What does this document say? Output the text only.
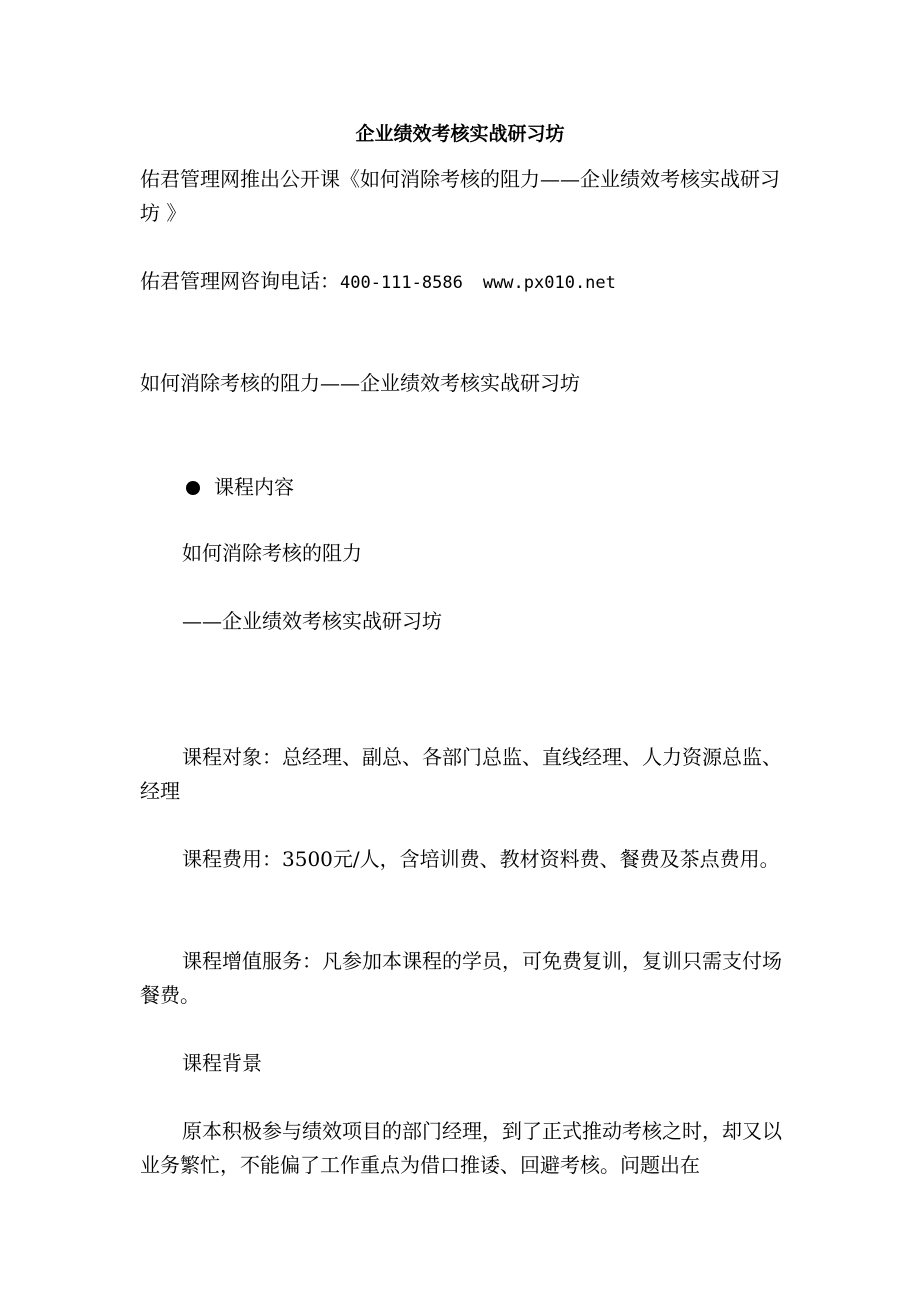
企业绩效考核实战研习坊

佑君管理网推出公开课《如何消除考核的阻力——企业绩效考核实战研习坊 》

佑君管理网咨询电话：400-111-8586 www.px010.net

如何消除考核的阻力——企业绩效考核实战研习坊

课程内容

如何消除考核的阻力

——企业绩效考核实战研习坊

课程对象：总经理、副总、各部门总监、直线经理、人力资源总监、经理

课程费用：3500元/人，含培训费、教材资料费、餐费及茶点费用。

课程增值服务：凡参加本课程的学员，可免费复训，复训只需支付场餐费。

课程背景

原本积极参与绩效项目的部门经理，到了正式推动考核之时，却又以业务繁忙，不能偏了工作重点为借口推诿、回避考核。问题出在
